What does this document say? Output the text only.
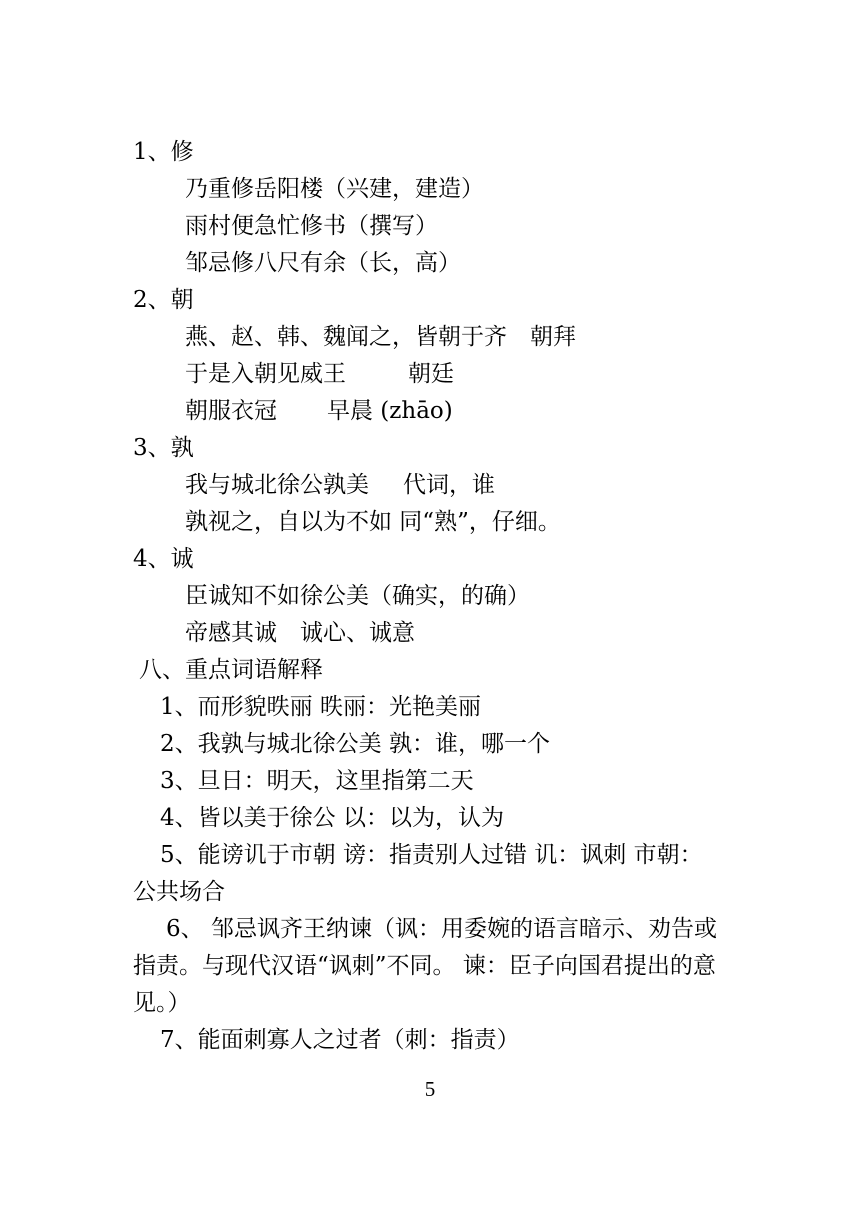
1、修
乃重修岳阳楼（兴建，建造）
雨村便急忙修书（撰写）
邹忌修八尺有余（长，高）
2、朝
燕、赵、韩、魏闻之，皆朝于齐　朝拜
于是入朝见威王	朝廷
朝服衣冠 早晨 (zhāo)
3、孰
我与城北徐公孰美 代词，谁
孰视之，自以为不如 同“熟”，仔细。
4、诚
臣诚知不如徐公美（确实，的确）
帝感其诚　诚心、诚意
八、重点词语解释
1、而形貌昳丽 昳丽：光艳美丽
2、我孰与城北徐公美 孰：谁，哪一个
3、旦日：明天，这里指第二天
4、皆以美于徐公 以：以为，认为
5、能谤讥于市朝 谤：指责别人过错 讥：讽刺 市朝：
公共场合
6、 邹忌讽齐王纳谏（讽：用委婉的语言暗示、劝告或
指责。与现代汉语“讽刺”不同。 谏：臣子向国君提出的意
见。）
7、能面刺寡人之过者（刺：指责）
5
